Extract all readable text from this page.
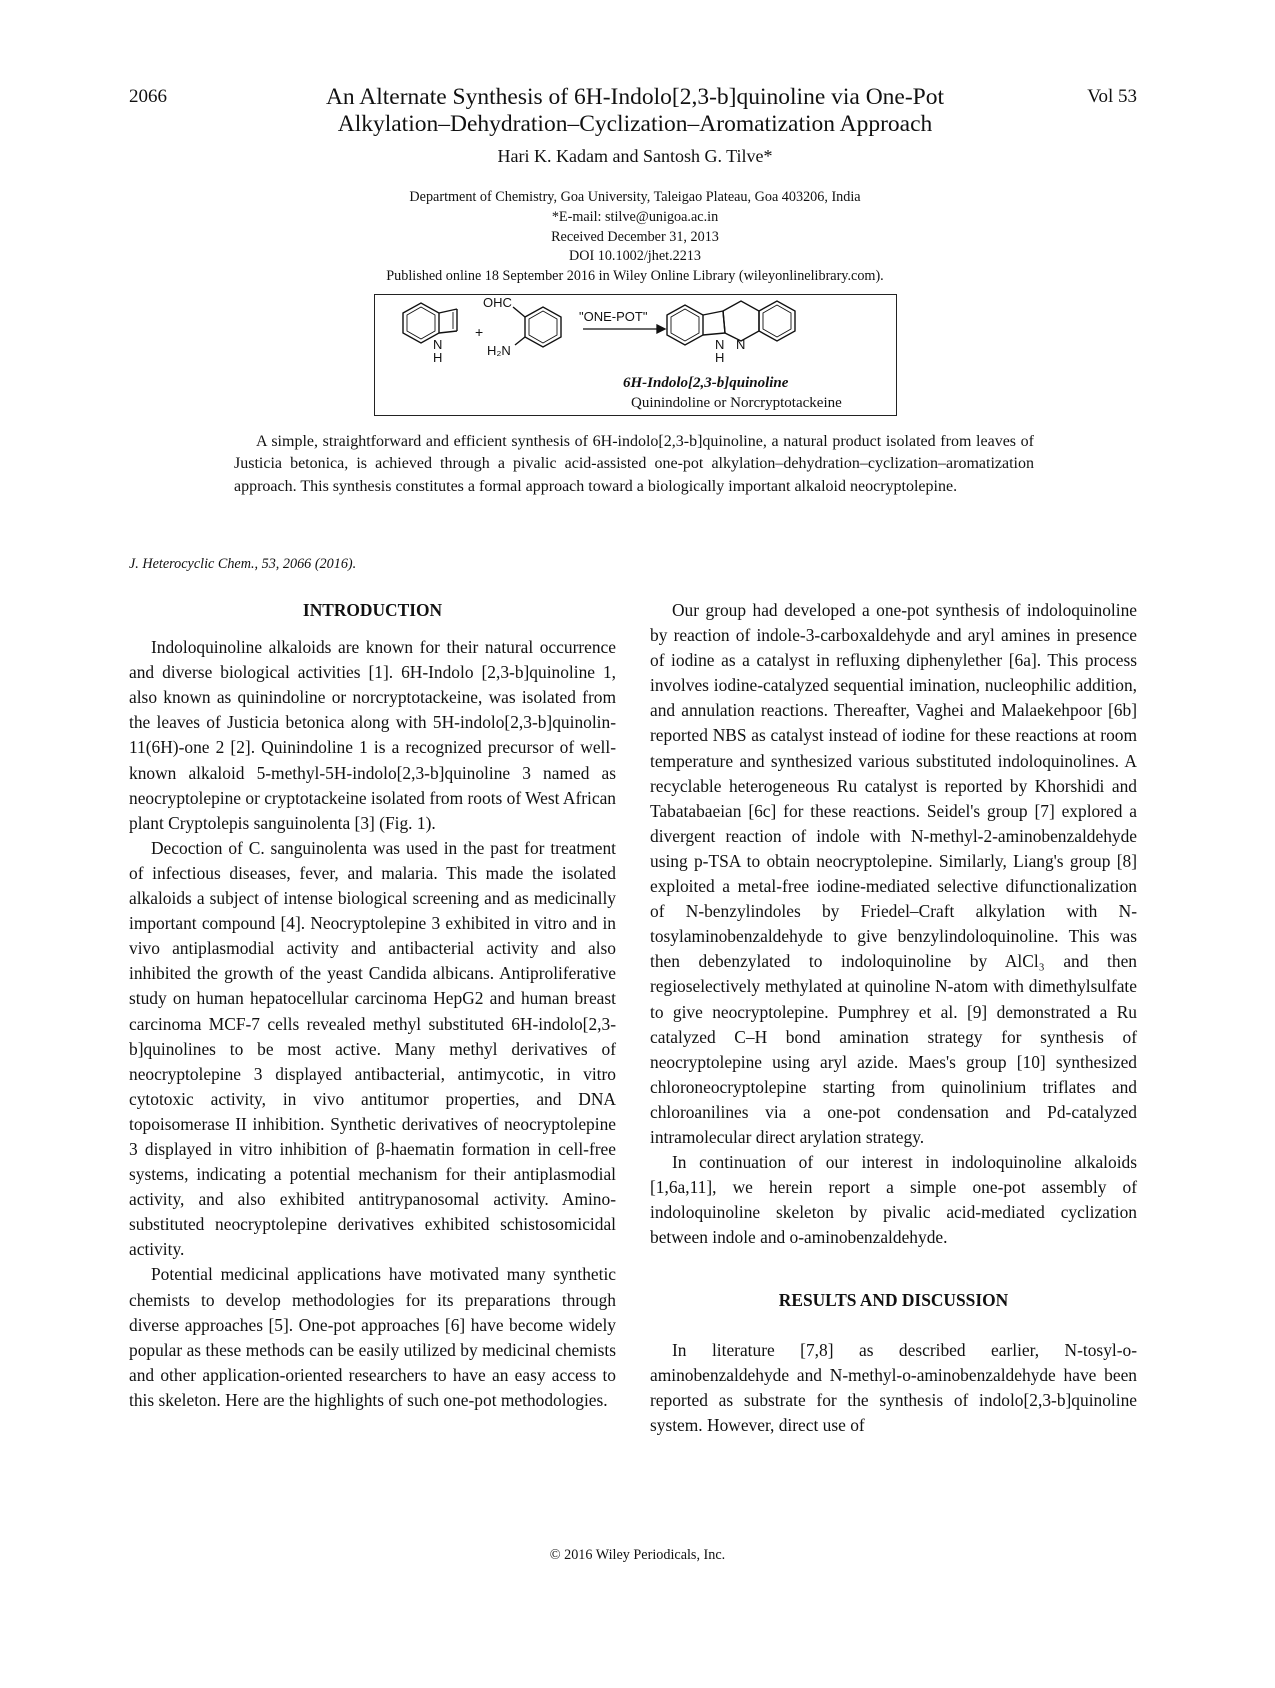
2066	Vol 53
An Alternate Synthesis of 6H-Indolo[2,3-b]quinoline via One-Pot
Alkylation–Dehydration–Cyclization–Aromatization Approach
Hari K. Kadam and Santosh G. Tilve*
Department of Chemistry, Goa University, Taleigao Plateau, Goa 403206, India
*E-mail: stilve@unigoa.ac.in
Received December 31, 2013
DOI 10.1002/jhet.2213
Published online 18 September 2016 in Wiley Online Library (wileyonlinelibrary.com).
N
H
+
OHC
H₂N
"ONE-POT"
N
H
N
6H-Indolo[2,3-b]quinoline
Quinindoline or Norcryptotackeine

A simple, straightforward and efficient synthesis of 6H-indolo[2,3-b]quinoline, a natural product isolated from leaves of Justicia betonica, is achieved through a pivalic acid-assisted one-pot alkylation–dehydration–cyclization–aromatization approach. This synthesis constitutes a formal approach toward a biologically important alkaloid neocryptolepine.

J. Heterocyclic Chem., 53, 2066 (2016).
INTRODUCTION

Indoloquinoline alkaloids are known for their natural occurrence and diverse biological activities [1]. 6H-Indolo [2,3-b]quinoline 1, also known as quinindoline or norcryptotackeine, was isolated from the leaves of Justicia betonica along with 5H-indolo[2,3-b]quinolin-11(6H)-one 2 [2]. Quinindoline 1 is a recognized precursor of well-known alkaloid 5-methyl-5H-indolo[2,3-b]quinoline 3 named as neocryptolepine or cryptotackeine isolated from roots of West African plant Cryptolepis sanguinolenta [3] (Fig. 1).

Decoction of C. sanguinolenta was used in the past for treatment of infectious diseases, fever, and malaria. This made the isolated alkaloids a subject of intense biological screening and as medicinally important compound [4]. Neocryptolepine 3 exhibited in vitro and in vivo antiplasmodial activity and antibacterial activity and also inhibited the growth of the yeast Candida albicans. Antiproliferative study on human hepatocellular carcinoma HepG2 and human breast carcinoma MCF-7 cells revealed methyl substituted 6H-indolo[2,3-b]quinolines to be most active. Many methyl derivatives of neocryptolepine 3 displayed antibacterial, antimycotic, in vitro cytotoxic activity, in vivo antitumor properties, and DNA topoisomerase II inhibition. Synthetic derivatives of neocryptolepine 3 displayed in vitro inhibition of β-haematin formation in cell-free systems, indicating a potential mechanism for their antiplasmodial activity, and also exhibited antitrypanosomal activity. Amino-substituted neocryptolepine derivatives exhibited schistosomicidal activity.

Potential medicinal applications have motivated many synthetic chemists to develop methodologies for its preparations through diverse approaches [5]. One-pot approaches [6] have become widely popular as these methods can be easily utilized by medicinal chemists and other application-oriented researchers to have an easy access to this skeleton. Here are the highlights of such one-pot methodologies.

Our group had developed a one-pot synthesis of indoloquinoline by reaction of indole-3-carboxaldehyde and aryl amines in presence of iodine as a catalyst in refluxing diphenylether [6a]. This process involves iodine-catalyzed sequential imination, nucleophilic addition, and annulation reactions. Thereafter, Vaghei and Malaekehpoor [6b] reported NBS as catalyst instead of iodine for these reactions at room temperature and synthesized various substituted indoloquinolines. A recyclable heterogeneous Ru catalyst is reported by Khorshidi and Tabatabaeian [6c] for these reactions. Seidel's group [7] explored a divergent reaction of indole with N-methyl-2-aminobenzaldehyde using p-TSA to obtain neocryptolepine. Similarly, Liang's group [8] exploited a metal-free iodine-mediated selective difunctionalization of N-benzylindoles by Friedel–Craft alkylation with N-tosylaminobenzaldehyde to give benzylindoloquinoline. This was then debenzylated to indoloquinoline by AlCl₃ and then regioselectively methylated at quinoline N-atom with dimethylsulfate to give neocryptolepine. Pumphrey et al. [9] demonstrated a Ru catalyzed C–H bond amination strategy for synthesis of neocryptolepine using aryl azide. Maes's group [10] synthesized chloroneocryptolepine starting from quinolinium triflates and chloroanilines via a one-pot condensation and Pd-catalyzed intramolecular direct arylation strategy.

In continuation of our interest in indoloquinoline alkaloids [1,6a,11], we herein report a simple one-pot assembly of indoloquinoline skeleton by pivalic acid-mediated cyclization between indole and o-aminobenzaldehyde.

RESULTS AND DISCUSSION

In literature [7,8] as described earlier, N-tosyl-o-aminobenzaldehyde and N-methyl-o-aminobenzaldehyde have been reported as substrate for the synthesis of indolo[2,3-b]quinoline system. However, direct use of

© 2016 Wiley Periodicals, Inc.
